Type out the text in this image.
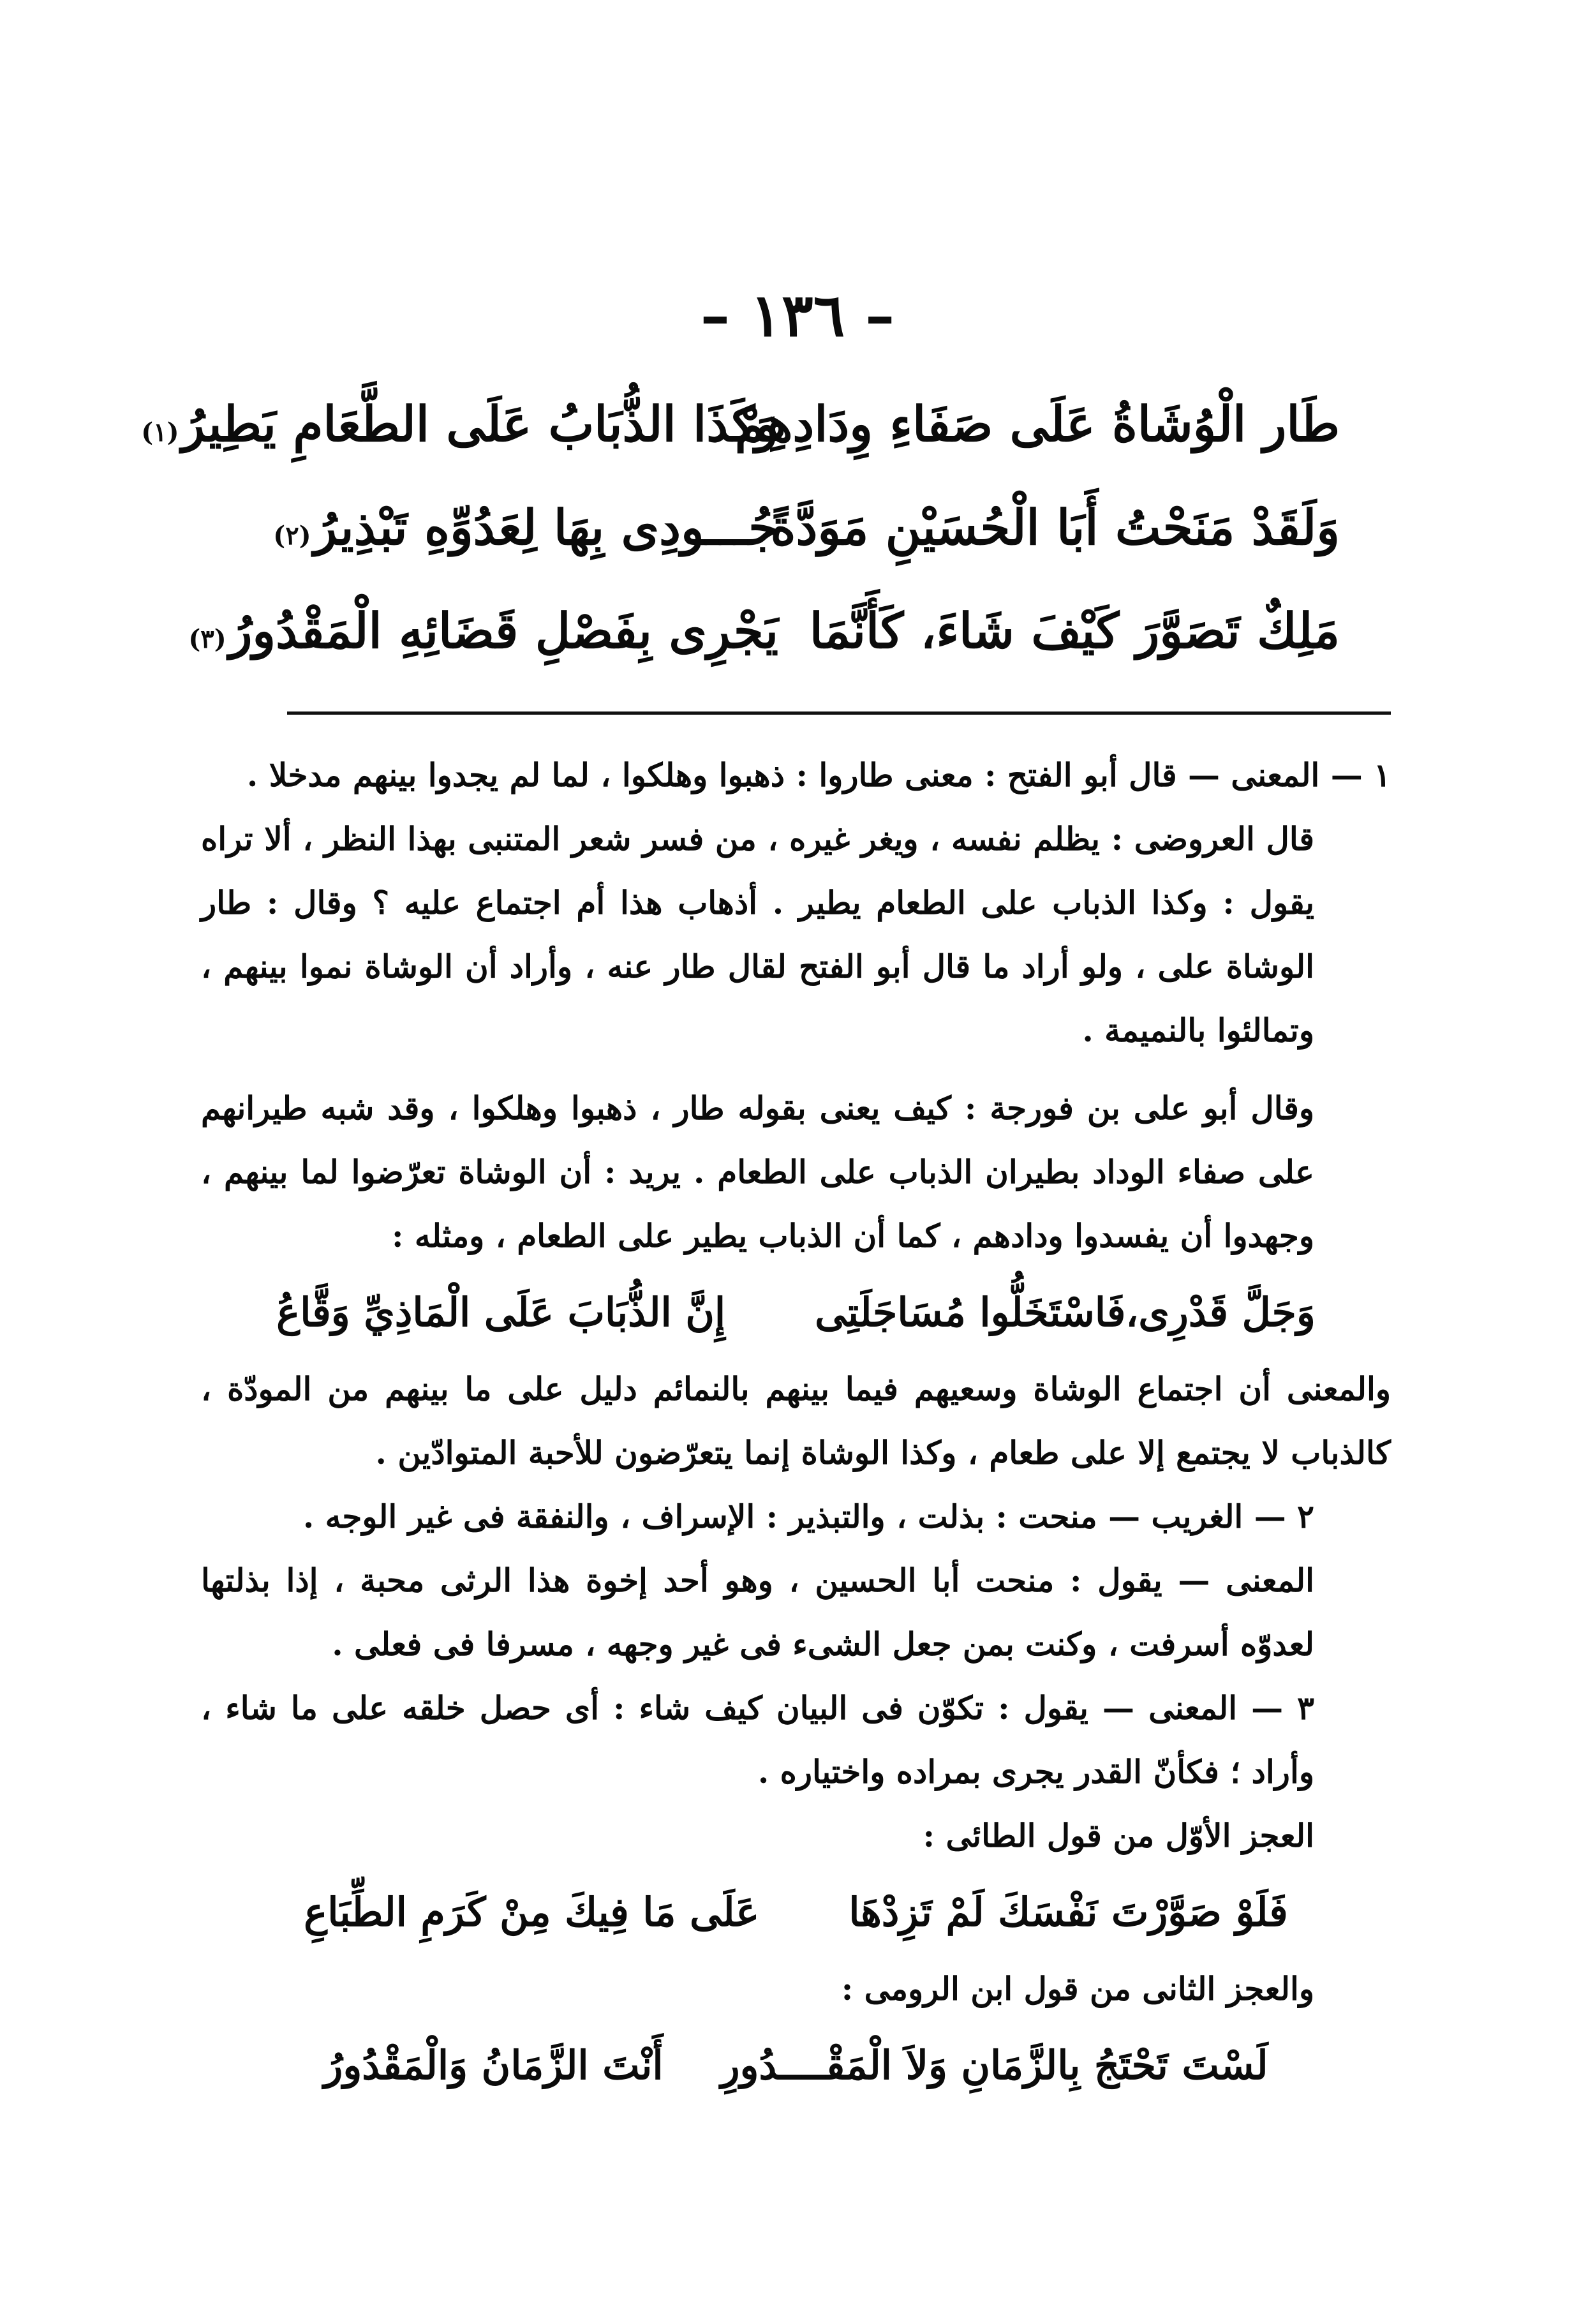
– ١٣٦ –
طَار الْوُشَاةُ عَلَى صَفَاءِ وِدَادِهِمْ
وَكَذَا الذُّبَابُ عَلَى الطَّعَامِ يَطِيرُ
(١)
وَلَقَدْ مَنَحْتُ أَبَا الْحُسَيْنِ مَوَدَّةً
جُـــودِى بِهَا لِعَدُوِّهِ تَبْذِيرُ
(٢)
مَلِكٌ تَصَوَّرَ كَيْفَ شَاءَ، كَأَنَّمَا
يَجْرِى بِفَصْلِ قَضَائِهِ الْمَقْدُورُ
(٣)

١ — المعنى — قال أبو الفتح : معنى طاروا : ذهبوا وهلكوا ، لما لم يجدوا بينهم مدخلا .

قال العروضى : يظلم نفسه ، ويغر غيره ، من فسر شعر المتنبى بهذا النظر ، ألا تراه يقول : وكذا الذباب على الطعام يطير . أذهاب هذا أم اجتماع عليه ؟ وقال : طار الوشاة على ، ولو أراد ما قال أبو الفتح لقال طار عنه ، وأراد أن الوشاة نموا بينهم ، وتمالئوا بالنميمة .

وقال أبو على بن فورجة : كيف يعنى بقوله طار ، ذهبوا وهلكوا ، وقد شبه طيرانهم على صفاء الوداد بطيران الذباب على الطعام . يريد : أن الوشاة تعرّضوا لما بينهم ، وجهدوا أن يفسدوا ودادهم ، كما أن الذباب يطير على الطعام ، ومثله :

وَجَلَّ قَدْرِى،فَاسْتَخَلُّوا مُسَاجَلَتِى
إِنَّ الذُّبَابَ عَلَى الْمَاذِيِّ وَقَّاعُ

والمعنى أن اجتماع الوشاة وسعيهم فيما بينهم بالنمائم دليل على ما بينهم من المودّة ، كالذباب لا يجتمع إلا على طعام ، وكذا الوشاة إنما يتعرّضون للأحبة المتوادّين .

٢ — الغريب — منحت : بذلت ، والتبذير : الإسراف ، والنفقة فى غير الوجه .

المعنى — يقول : منحت أبا الحسين ، وهو أحد إخوة هذا الرثى محبة ، إذا بذلتها لعدوّه أسرفت ، وكنت بمن جعل الشىء فى غير وجهه ، مسرفا فى فعلى .

٣ — المعنى — يقول : تكوّن فى البيان كيف شاء : أى حصل خلقه على ما شاء ، وأراد ؛ فكأنّ القدر يجرى بمراده واختياره .

العجز الأوّل من قول الطائى :

فَلَوْ صَوَّرْتَ نَفْسَكَ لَمْ تَزِدْهَا
عَلَى مَا فِيكَ مِنْ كَرَمِ الطِّبَاعِ

والعجز الثانى من قول ابن الرومى :

لَسْتَ تَحْتَجُ بِالزَّمَانِ وَلاَ الْمَقْــــدُورِ
أَنْتَ الزَّمَانُ وَالْمَقْدُورُ
